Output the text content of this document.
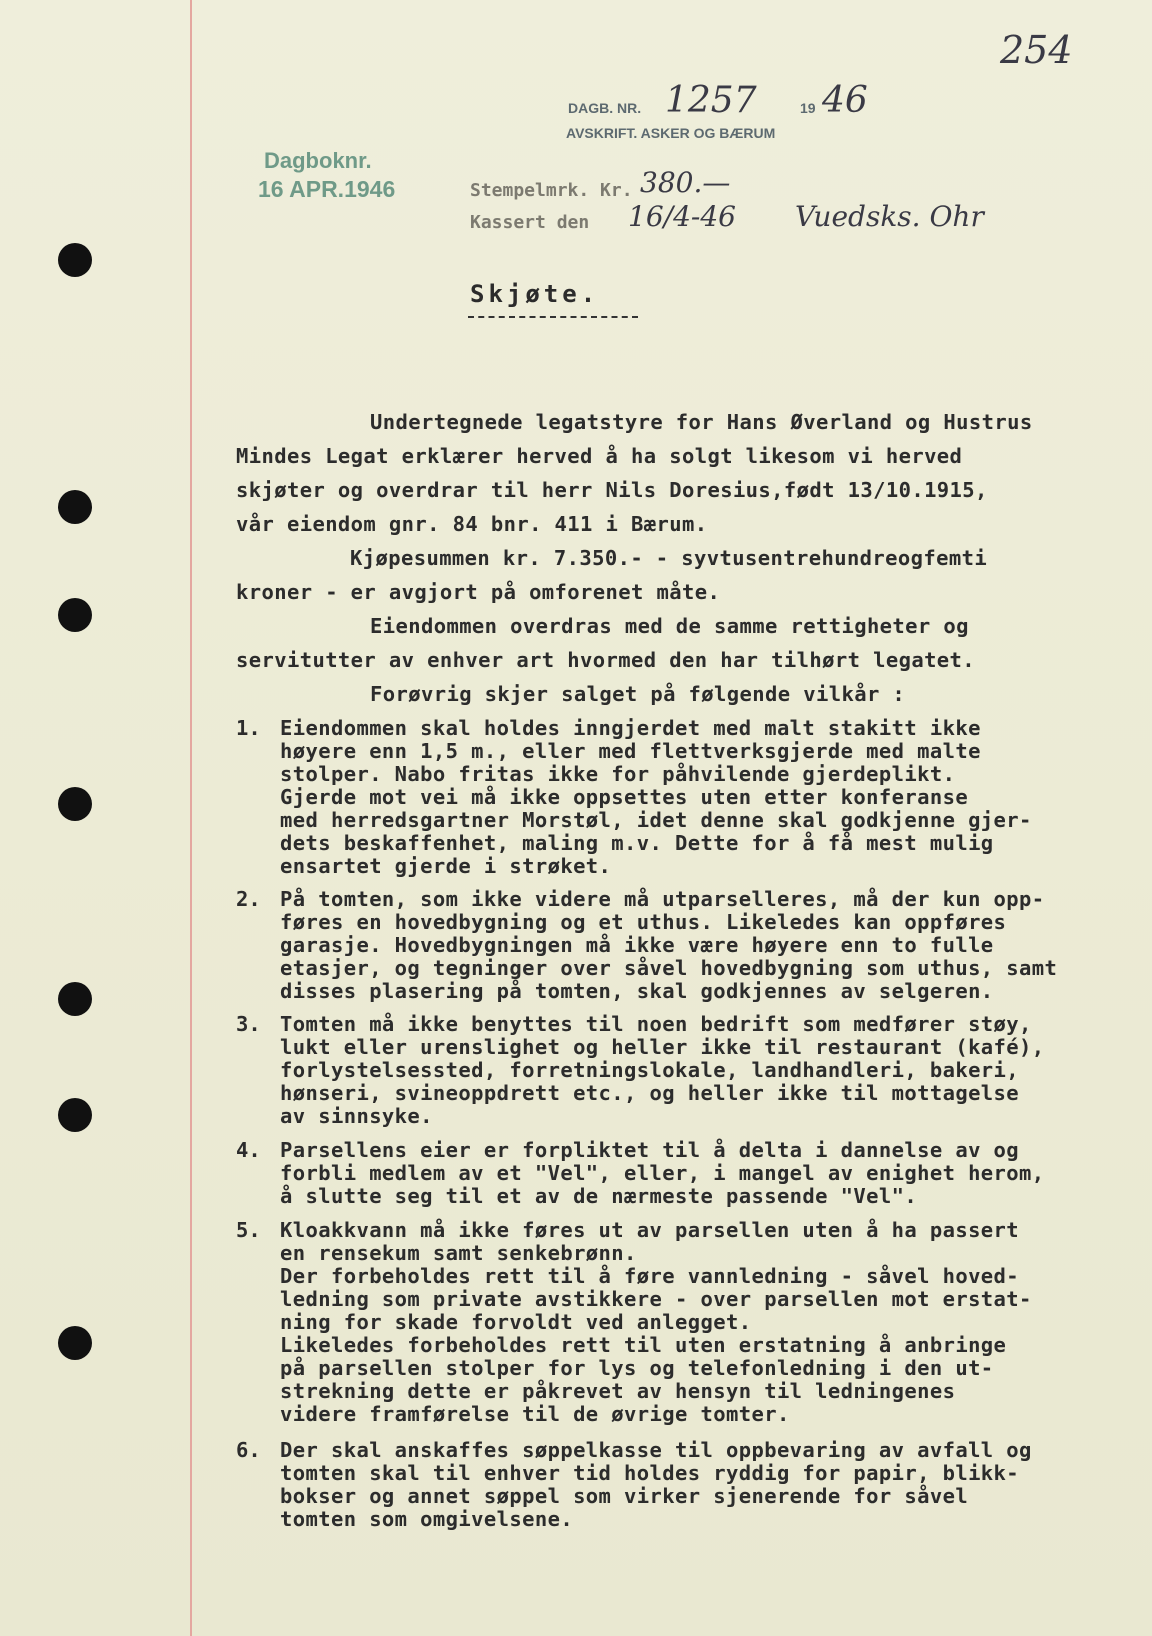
254
DAGB. NR. 1257	19 46
AVSKRIFT. ASKER OG BÆRUM
Dagboknr.
16 APR.1946	Stempelmrk. Kr. 380.—
Kassert den 16/4-46 Vuedsks. Ohr
Skjøte.
Undertegnede legatstyre for Hans Øverland og Hustrus
Mindes Legat erklærer herved å ha solgt likesom vi herved
skjøter og overdrar til herr Nils Doresius,født 13/10.1915,
vår eiendom gnr. 84 bnr. 411 i Bærum.
Kjøpesummen kr. 7.350.- - syvtusentrehundreogfemti
kroner - er avgjort på omforenet måte.
Eiendommen overdras med de samme rettigheter og
servitutter av enhver art hvormed den har tilhørt legatet.
Forøvrig skjer salget på følgende vilkår :
1. Eiendommen skal holdes inngjerdet med malt stakitt ikke
høyere enn 1,5 m., eller med flettverksgjerde med malte
stolper. Nabo fritas ikke for påhvilende gjerdeplikt.
Gjerde mot vei må ikke oppsettes uten etter konferanse
med herredsgartner Morstøl, idet denne skal godkjenne gjer-
dets beskaffenhet, maling m.v. Dette for å få mest mulig
ensartet gjerde i strøket.
2. På tomten, som ikke videre må utparselleres, må der kun opp-
føres en hovedbygning og et uthus. Likeledes kan oppføres
garasje. Hovedbygningen må ikke være høyere enn to fulle
etasjer, og tegninger over såvel hovedbygning som uthus, samt
disses plasering på tomten, skal godkjennes av selgeren.
3. Tomten må ikke benyttes til noen bedrift som medfører støy,
lukt eller urenslighet og heller ikke til restaurant (kafé),
forlystelsessted, forretningslokale, landhandleri, bakeri,
hønseri, svineoppdrett etc., og heller ikke til mottagelse
av sinnsyke.
4. Parsellens eier er forpliktet til å delta i dannelse av og
forbli medlem av et "Vel", eller, i mangel av enighet herom,
å slutte seg til et av de nærmeste passende "Vel".
5. Kloakkvann må ikke føres ut av parsellen uten å ha passert
en rensekum samt senkebrønn.
Der forbeholdes rett til å føre vannledning - såvel hoved-
ledning som private avstikkere - over parsellen mot erstat-
ning for skade forvoldt ved anlegget.
Likeledes forbeholdes rett til uten erstatning å anbringe
på parsellen stolper for lys og telefonledning i den ut-
strekning dette er påkrevet av hensyn til ledningenes
videre framførelse til de øvrige tomter.
6. Der skal anskaffes søppelkasse til oppbevaring av avfall og
tomten skal til enhver tid holdes ryddig for papir, blikk-
bokser og annet søppel som virker sjenerende for såvel
tomten som omgivelsene.
